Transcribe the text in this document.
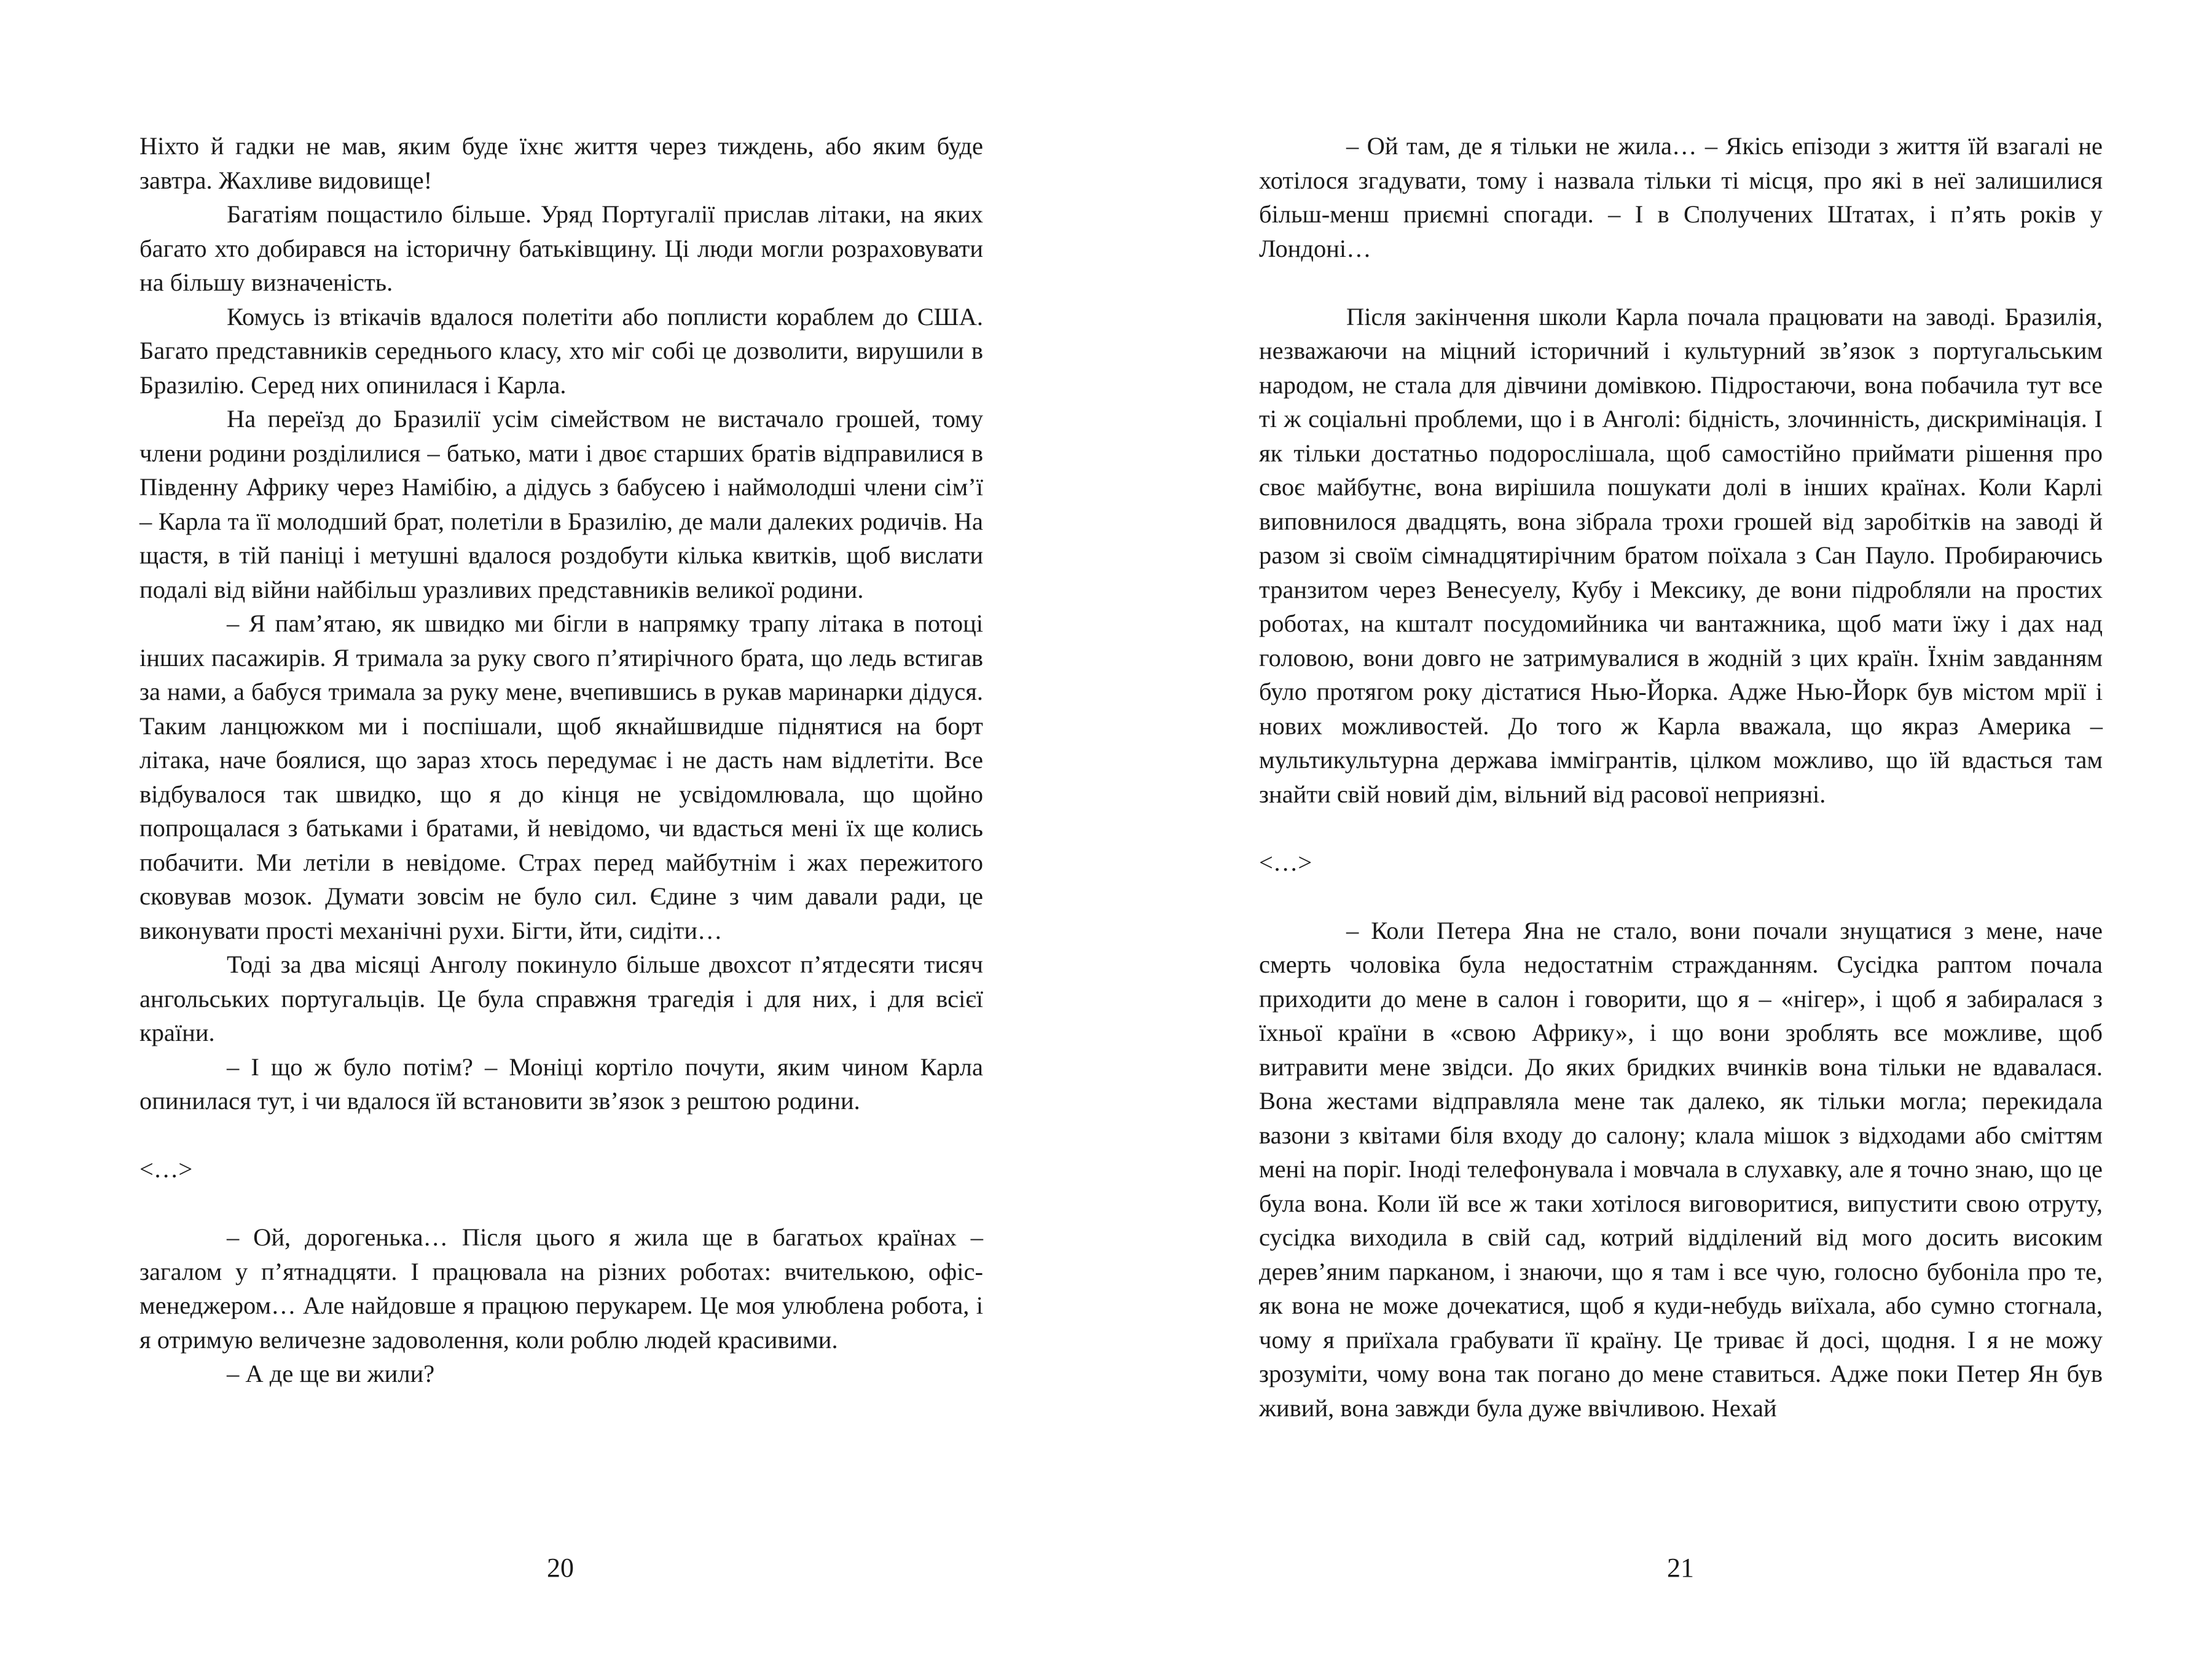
Ніхто й гадки не мав, яким буде їхнє життя через тиждень, або яким буде завтра. Жахливе видовище!

Багатіям пощастило більше. Уряд Португалії прислав літаки, на яких багато хто добирався на історичну батьківщину. Ці люди могли розраховувати на більшу визначеність.

Комусь із втікачів вдалося полетіти або поплисти кораблем до США. Багато представників середнього класу, хто міг собі це дозволити, вирушили в Бразилію. Серед них опинилася і Карла.

На переїзд до Бразилії усім сімейством не вистачало грошей, тому члени родини розділилися – батько, мати і двоє старших братів відправилися в Південну Африку через Намібію, а дідусь з бабусею і наймолодші члени сім’ї – Карла та її молодший брат, полетіли в Бразилію, де мали далеких родичів. На щастя, в тій паніці і метушні вдалося роздобути кілька квитків, щоб вислати подалі від війни найбільш уразливих представників великої родини.

– Я пам’ятаю, як швидко ми бігли в напрямку трапу літака в потоці інших пасажирів. Я тримала за руку свого п’ятирічного брата, що ледь встигав за нами, а бабуся тримала за руку мене, вчепившись в рукав маринарки дідуся. Таким ланцюжком ми і поспішали, щоб якнайшвидше піднятися на борт літака, наче боялися, що зараз хтось передумає і не дасть нам відлетіти. Все відбувалося так швидко, що я до кінця не усвідомлювала, що щойно попрощалася з батьками і братами, й невідомо, чи вдасться мені їх ще колись побачити. Ми летіли в невідоме. Страх перед майбутнім і жах пережитого сковував мозок. Думати зовсім не було сил. Єдине з чим давали ради, це виконувати прості механічні рухи. Бігти, йти, сидіти…

Тоді за два місяці Анголу покинуло більше двохсот п’ятдесяти тисяч ангольських португальців. Це була справжня трагедія і для них, і для всієї країни.

– І що ж було потім? – Моніці кортіло почути, яким чином Карла опинилася тут, і чи вдалося їй встановити зв’язок з рештою родини.

<…>

– Ой, дорогенька… Після цього я жила ще в багатьох країнах – загалом у п’ятнадцяти. І працювала на різних роботах: вчителькою, офіс-менеджером… Але найдовше я працюю перукарем. Це моя улюблена робота, і я отримую величезне задоволення, коли роблю людей красивими.

– А де ще ви жили?

20

– Ой там, де я тільки не жила… – Якісь епізоди з життя їй взагалі не хотілося згадувати, тому і назвала тільки ті місця, про які в неї залишилися більш-менш приємні спогади. – І в Сполучених Штатах, і п’ять років у Лондоні…

Після закінчення школи Карла почала працювати на заводі. Бразилія, незважаючи на міцний історичний і культурний зв’язок з португальським народом, не стала для дівчини домівкою. Підростаючи, вона побачила тут все ті ж соціальні проблеми, що і в Анголі: бідність, злочинність, дискримінація. І як тільки достатньо подорослішала, щоб самостійно приймати рішення про своє майбутнє, вона вирішила пошукати долі в інших країнах. Коли Карлі виповнилося двадцять, вона зібрала трохи грошей від заробітків на заводі й разом зі своїм сімнадцятирічним братом поїхала з Сан Пауло. Пробираючись транзитом через Венесуелу, Кубу і Мексику, де вони підробляли на простих роботах, на кшталт посудомийника чи вантажника, щоб мати їжу і дах над головою, вони довго не затримувалися в жодній з цих країн. Їхнім завданням було протягом року дістатися Нью-Йорка. Адже Нью-Йорк був містом мрії і нових можливостей. До того ж Карла вважала, що якраз Америка – мультикультурна держава іммігрантів, цілком можливо, що їй вдасться там знайти свій новий дім, вільний від расової неприязні.

<…>

– Коли Петера Яна не стало, вони почали знущатися з мене, наче смерть чоловіка була недостатнім стражданням. Сусідка раптом почала приходити до мене в салон і говорити, що я – «нігер», і щоб я забиралася з їхньої країни в «свою Африку», і що вони зроблять все можливе, щоб витравити мене звідси. До яких бридких вчинків вона тільки не вдавалася. Вона жестами відправляла мене так далеко, як тільки могла; перекидала вазони з квітами біля входу до салону; клала мішок з відходами або сміттям мені на поріг. Іноді телефонувала і мовчала в слухавку, але я точно знаю, що це була вона. Коли їй все ж таки хотілося виговоритися, випустити свою отруту, сусідка виходила в свій сад, котрий відділений від мого досить високим дерев’яним парканом, і знаючи, що я там і все чую, голосно бубоніла про те, як вона не може дочекатися, щоб я куди-небудь виїхала, або сумно стогнала, чому я приїхала грабувати її країну. Це триває й досі, щодня. І я не можу зрозуміти, чому вона так погано до мене ставиться. Адже поки Петер Ян був живий, вона завжди була дуже ввічливою. Нехай

21
